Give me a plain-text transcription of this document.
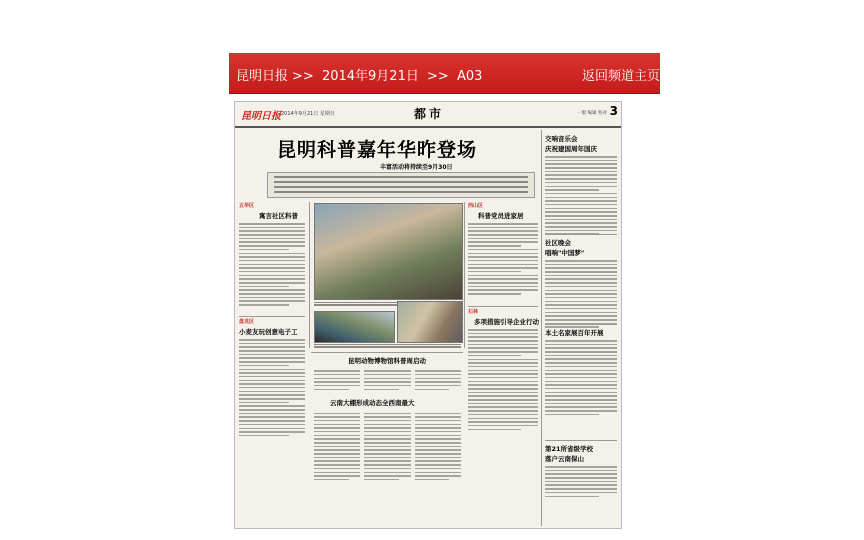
昆明日报 >> 2014年9月21日 >> A03	返回频道主页
昆明日报 2014年9月21日 星期日	都市	一版 编辑 校对 3
昆明科普嘉年华昨登场
丰富活动将持续至9月30日
五华区
寓言社区科普
盘龙区
小麦友玩创意电子工
西山区
科普党员进家居
石林
多项措施引导企业行动
昆明动物博物馆科普周启动
云南大棚形成动态全西南最大
交响音乐会
庆祝建国周年国庆
社区晚会
唱响"中国梦"
本土名家展百年开展
第21所省级学校
落户云南保山
